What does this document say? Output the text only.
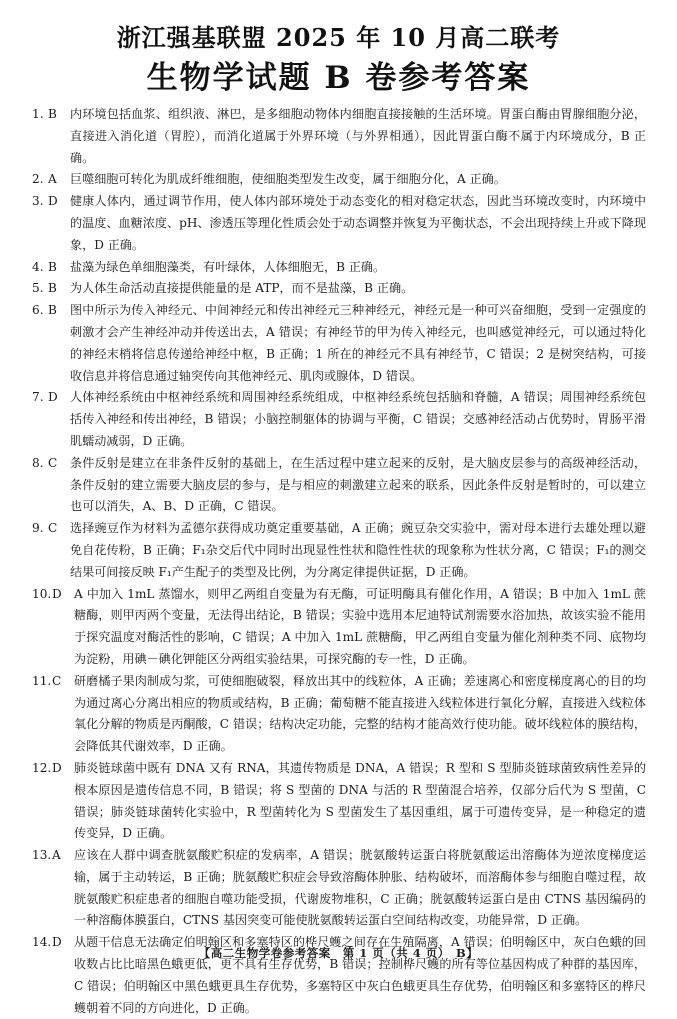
浙江强基联盟 2025 年 10 月高二联考
生物学试题 B 卷参考答案
1. B	内环境包括血浆、组织液、淋巴，是多细胞动物体内细胞直接接触的生活环境。胃蛋白酶由胃腺细胞分泌，直接进入消化道（胃腔），而消化道属于外界环境（与外界相通），因此胃蛋白酶不属于内环境成分，B 正确。
2. A	巨噬细胞可转化为肌成纤维细胞，使细胞类型发生改变，属于细胞分化，A 正确。
3. D	健康人体内，通过调节作用，使人体内部环境处于动态变化的相对稳定状态，因此当环境改变时，内环境中的温度、血糖浓度、pH、渗透压等理化性质会处于动态调整并恢复为平衡状态，不会出现持续上升或下降现象，D 正确。
4. B	盐藻为绿色单细胞藻类，有叶绿体，人体细胞无，B 正确。
5. B	为人体生命活动直接提供能量的是 ATP，而不是盐藻，B 正确。
6. B	图中所示为传入神经元、中间神经元和传出神经元三种神经元，神经元是一种可兴奋细胞，受到一定强度的刺激才会产生神经冲动并传送出去，A 错误；有神经节的甲为传入神经元，也叫感觉神经元，可以通过特化的神经末梢将信息传递给神经中枢，B 正确；1 所在的神经元不具有神经节，C 错误；2 是树突结构，可接收信息并将信息通过轴突传向其他神经元、肌肉或腺体，D 错误。
7. D	人体神经系统由中枢神经系统和周围神经系统组成，中枢神经系统包括脑和脊髓，A 错误；周围神经系统包括传入神经和传出神经，B 错误；小脑控制躯体的协调与平衡，C 错误；交感神经活动占优势时，胃肠平滑肌蠕动减弱，D 正确。
8. C	条件反射是建立在非条件反射的基础上，在生活过程中建立起来的反射，是大脑皮层参与的高级神经活动，条件反射的建立需要大脑皮层的参与，是与相应的刺激建立起来的联系，因此条件反射是暂时的，可以建立也可以消失，A、B、D 正确，C 错误。
9. C	选择豌豆作为材料为孟德尔获得成功奠定重要基础，A 正确；豌豆杂交实验中，需对母本进行去雄处理以避免自花传粉，B 正确；F₁杂交后代中同时出现显性性状和隐性性状的现象称为性状分离，C 错误；F₁的测交结果可间接反映 F₁产生配子的类型及比例，为分离定律提供证据，D 正确。
10. D	A 中加入 1mL 蒸馏水，则甲乙两组自变量为有无酶，可证明酶具有催化作用，A 错误；B 中加入 1mL 蔗糖酶，则甲丙两个变量，无法得出结论，B 错误；实验中选用本尼迪特试剂需要水浴加热，故该实验不能用于探究温度对酶活性的影响，C 错误；A 中加入 1mL 蔗糖酶，甲乙两组自变量为催化剂种类不同、底物均为淀粉，用碘－碘化钾能区分两组实验结果，可探究酶的专一性，D 正确。
11. C	研磨橘子果肉制成匀浆，可使细胞破裂，释放出其中的线粒体，A 正确；差速离心和密度梯度离心的目的均为通过离心分离出相应的物质或结构，B 正确；葡萄糖不能直接进入线粒体进行氧化分解，直接进入线粒体氧化分解的物质是丙酮酸，C 错误；结构决定功能，完整的结构才能高效行使功能。破坏线粒体的膜结构，会降低其代谢效率，D 正确。
12. D	肺炎链球菌中既有 DNA 又有 RNA，其遗传物质是 DNA，A 错误；R 型和 S 型肺炎链球菌致病性差异的根本原因是遗传信息不同，B 错误；将 S 型菌的 DNA 与活的 R 型菌混合培养，仅部分后代为 S 型菌，C 错误；肺炎链球菌转化实验中，R 型菌转化为 S 型菌发生了基因重组，属于可遗传变异，是一种稳定的遗传变异，D 正确。
13. A	应该在人群中调查胱氨酸贮积症的发病率，A 错误；胱氨酸转运蛋白将胱氨酸运出溶酶体为逆浓度梯度运输，属于主动转运，B 正确；胱氨酸贮积症会导致溶酶体肿胀、结构破坏，而溶酶体参与细胞自噬过程，故胱氨酸贮积症患者的细胞自噬功能受损，代谢废物堆积，C 正确；胱氨酸转运蛋白是由 CTNS 基因编码的一种溶酶体膜蛋白，CTNS 基因突变可能使胱氨酸转运蛋白空间结构改变，功能异常，D 正确。
14. D	从题干信息无法确定伯明翰区和多塞特区的桦尺蠖之间存在生殖隔离，A 错误；伯明翰区中，灰白色蛾的回收数占比比暗黑色蛾更低，更不具有生存优势，B 错误；控制桦尺蠖的所有等位基因构成了种群的基因库，C 错误；伯明翰区中黑色蛾更具生存优势，多塞特区中灰白色蛾更具生存优势，伯明翰区和多塞特区的桦尺蠖朝着不同的方向进化，D 正确。
【高二生物学卷参考答案　第 1 页（共 4 页）　B】
